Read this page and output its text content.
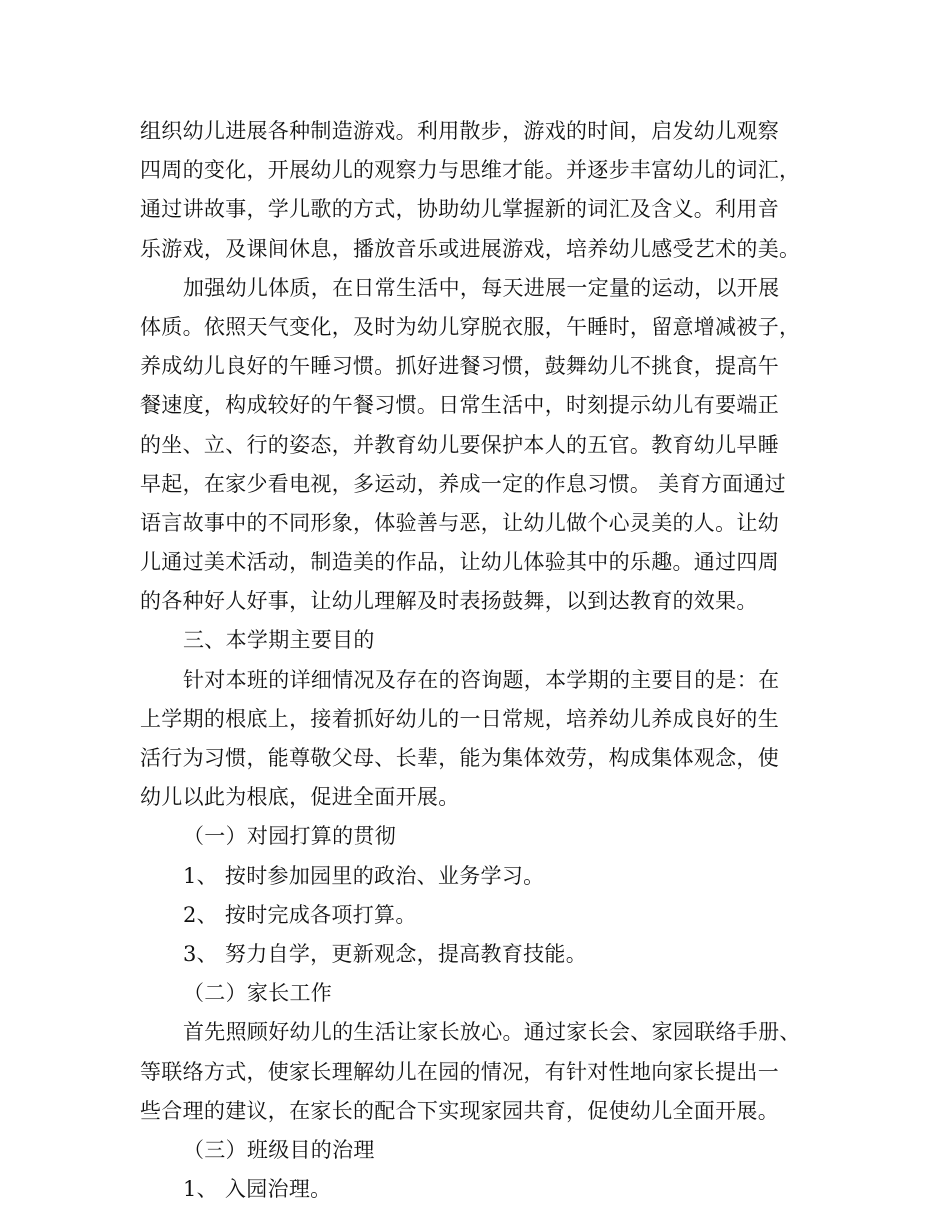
组织幼儿进展各种制造游戏。利用散步，游戏的时间，启发幼儿观察
四周的变化，开展幼儿的观察力与思维才能。并逐步丰富幼儿的词汇，
通过讲故事，学儿歌的方式，协助幼儿掌握新的词汇及含义。利用音
乐游戏，及课间休息，播放音乐或进展游戏，培养幼儿感受艺术的美。
加强幼儿体质，在日常生活中，每天进展一定量的运动，以开展
体质。依照天气变化，及时为幼儿穿脱衣服，午睡时，留意增减被子，
养成幼儿良好的午睡习惯。抓好进餐习惯，鼓舞幼儿不挑食，提高午
餐速度，构成较好的午餐习惯。日常生活中，时刻提示幼儿有要端正
的坐、立、行的姿态，并教育幼儿要保护本人的五官。教育幼儿早睡
早起，在家少看电视，多运动，养成一定的作息习惯。 美育方面通过
语言故事中的不同形象，体验善与恶，让幼儿做个心灵美的人。让幼
儿通过美术活动，制造美的作品，让幼儿体验其中的乐趣。通过四周
的各种好人好事，让幼儿理解及时表扬鼓舞，以到达教育的效果。
三、本学期主要目的
针对本班的详细情况及存在的咨询题，本学期的主要目的是：在
上学期的根底上，接着抓好幼儿的一日常规，培养幼儿养成良好的生
活行为习惯，能尊敬父母、长辈，能为集体效劳，构成集体观念，使
幼儿以此为根底，促进全面开展。
（一）对园打算的贯彻
1、 按时参加园里的政治、业务学习。
2、 按时完成各项打算。
3、 努力自学，更新观念，提高教育技能。
（二）家长工作
首先照顾好幼儿的生活让家长放心。通过家长会、家园联络手册、
等联络方式，使家长理解幼儿在园的情况，有针对性地向家长提出一
些合理的建议，在家长的配合下实现家园共育，促使幼儿全面开展。
（三）班级目的治理
1、 入园治理。
